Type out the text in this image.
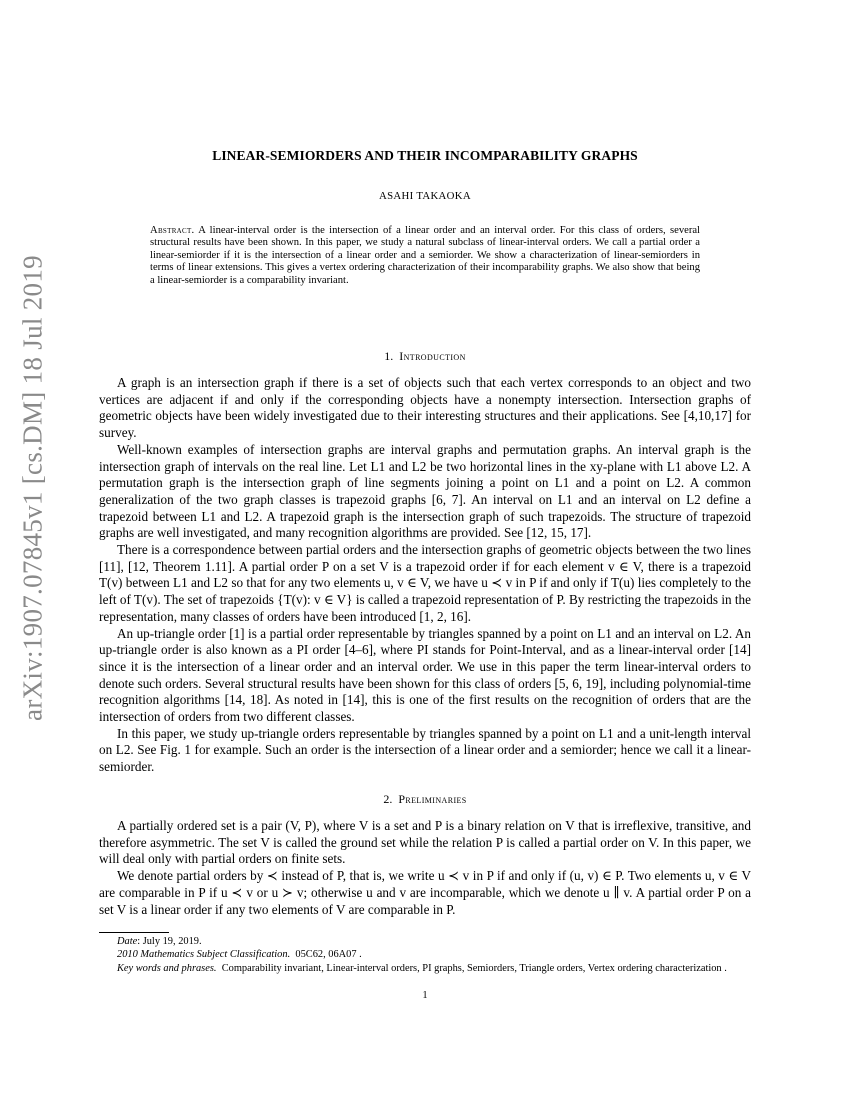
arXiv:1907.07845v1 [cs.DM] 18 Jul 2019
LINEAR-SEMIORDERS AND THEIR INCOMPARABILITY GRAPHS
ASAHI TAKAOKA
Abstract. A linear-interval order is the intersection of a linear order and an interval order. For this class of orders, several structural results have been shown. In this paper, we study a natural subclass of linear-interval orders. We call a partial order a linear-semiorder if it is the intersection of a linear order and a semiorder. We show a characterization of linear-semiorders in terms of linear extensions. This gives a vertex ordering characterization of their incomparability graphs. We also show that being a linear-semiorder is a comparability invariant.
1. Introduction

A graph is an intersection graph if there is a set of objects such that each vertex corresponds to an object and two vertices are adjacent if and only if the corresponding objects have a nonempty intersection. Intersection graphs of geometric objects have been widely investigated due to their interesting structures and their applications. See [4,10,17] for survey.

Well-known examples of intersection graphs are interval graphs and permutation graphs. An interval graph is the intersection graph of intervals on the real line. Let L1 and L2 be two horizontal lines in the xy-plane with L1 above L2. A permutation graph is the intersection graph of line segments joining a point on L1 and a point on L2. A common generalization of the two graph classes is trapezoid graphs [6, 7]. An interval on L1 and an interval on L2 define a trapezoid between L1 and L2. A trapezoid graph is the intersection graph of such trapezoids. The structure of trapezoid graphs are well investigated, and many recognition algorithms are provided. See [12, 15, 17].

There is a correspondence between partial orders and the intersection graphs of geometric objects between the two lines [11], [12, Theorem 1.11]. A partial order P on a set V is a trapezoid order if for each element v ∈ V, there is a trapezoid T(v) between L1 and L2 so that for any two elements u, v ∈ V, we have u ≺ v in P if and only if T(u) lies completely to the left of T(v). The set of trapezoids {T(v): v ∈ V} is called a trapezoid representation of P. By restricting the trapezoids in the representation, many classes of orders have been introduced [1, 2, 16].

An up-triangle order [1] is a partial order representable by triangles spanned by a point on L1 and an interval on L2. An up-triangle order is also known as a PI order [4–6], where PI stands for Point-Interval, and as a linear-interval order [14] since it is the intersection of a linear order and an interval order. We use in this paper the term linear-interval orders to denote such orders. Several structural results have been shown for this class of orders [5, 6, 19], including polynomial-time recognition algorithms [14, 18]. As noted in [14], this is one of the first results on the recognition of orders that are the intersection of orders from two different classes.

In this paper, we study up-triangle orders representable by triangles spanned by a point on L1 and a unit-length interval on L2. See Fig. 1 for example. Such an order is the intersection of a linear order and a semiorder; hence we call it a linear-semiorder.

2. Preliminaries

A partially ordered set is a pair (V, P), where V is a set and P is a binary relation on V that is irreflexive, transitive, and therefore asymmetric. The set V is called the ground set while the relation P is called a partial order on V. In this paper, we will deal only with partial orders on finite sets.

We denote partial orders by ≺ instead of P, that is, we write u ≺ v in P if and only if (u, v) ∈ P. Two elements u, v ∈ V are comparable in P if u ≺ v or u ≻ v; otherwise u and v are incomparable, which we denote u ∥ v. A partial order P on a set V is a linear order if any two elements of V are comparable in P.

Date: July 19, 2019.

2010 Mathematics Subject Classification. 05C62, 06A07 .

Key words and phrases. Comparability invariant, Linear-interval orders, PI graphs, Semiorders, Triangle orders, Vertex ordering characterization .

1
